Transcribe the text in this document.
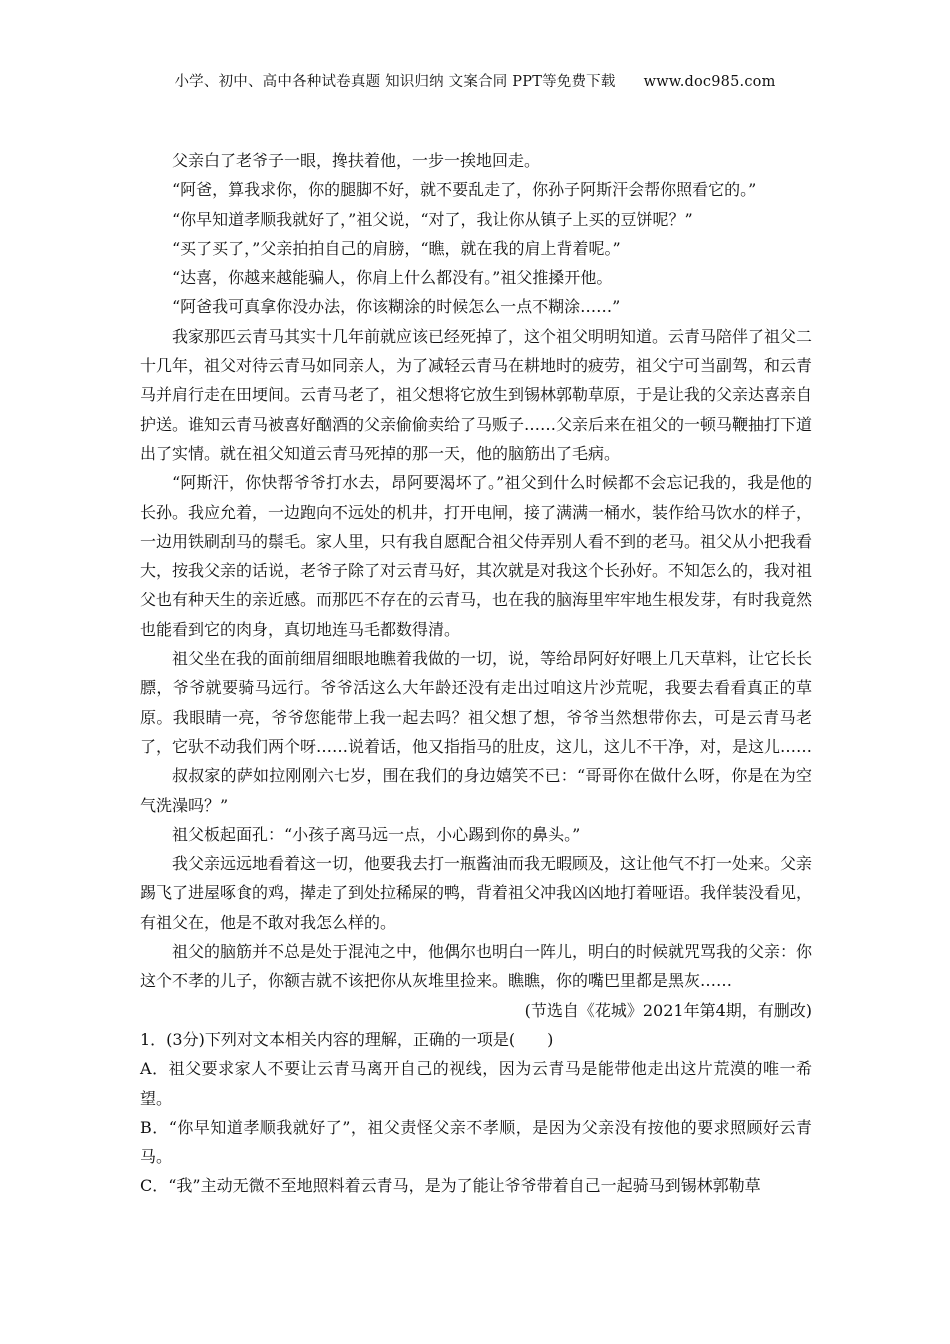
小学、初中、高中各种试卷真题 知识归纳 文案合同 PPT等免费下载 www.doc985.com

父亲白了老爷子一眼，搀扶着他，一步一挨地回走。

“阿爸，算我求你，你的腿脚不好，就不要乱走了，你孙子阿斯汗会帮你照看它的。”

“你早知道孝顺我就好了，”祖父说，“对了，我让你从镇子上买的豆饼呢？”

“买了买了，”父亲拍拍自己的肩膀，“瞧，就在我的肩上背着呢。”

“达喜，你越来越能骗人，你肩上什么都没有。”祖父推搡开他。

“阿爸我可真拿你没办法，你该糊涂的时候怎么一点不糊涂……”

我家那匹云青马其实十几年前就应该已经死掉了，这个祖父明明知道。云青马陪伴了祖父二十几年，祖父对待云青马如同亲人，为了减轻云青马在耕地时的疲劳，祖父宁可当副驾，和云青马并肩行走在田埂间。云青马老了，祖父想将它放生到锡林郭勒草原，于是让我的父亲达喜亲自护送。谁知云青马被喜好酗酒的父亲偷偷卖给了马贩子……父亲后来在祖父的一顿马鞭抽打下道出了实情。就在祖父知道云青马死掉的那一天，他的脑筋出了毛病。

“阿斯汗，你快帮爷爷打水去，昂阿要渴坏了。”祖父到什么时候都不会忘记我的，我是他的长孙。我应允着，一边跑向不远处的机井，打开电闸，接了满满一桶水，装作给马饮水的样子，一边用铁刷刮马的鬃毛。家人里，只有我自愿配合祖父侍弄别人看不到的老马。祖父从小把我看大，按我父亲的话说，老爷子除了对云青马好，其次就是对我这个长孙好。不知怎么的，我对祖父也有种天生的亲近感。而那匹不存在的云青马，也在我的脑海里牢牢地生根发芽，有时我竟然也能看到它的肉身，真切地连马毛都数得清。

祖父坐在我的面前细眉细眼地瞧着我做的一切，说，等给昂阿好好喂上几天草料，让它长长膘，爷爷就要骑马远行。爷爷活这么大年龄还没有走出过咱这片沙荒呢，我要去看看真正的草原。我眼睛一亮，爷爷您能带上我一起去吗？祖父想了想，爷爷当然想带你去，可是云青马老了，它驮不动我们两个呀……说着话，他又指指马的肚皮，这儿，这儿不干净，对，是这儿……

叔叔家的萨如拉刚刚六七岁，围在我们的身边嬉笑不已：“哥哥你在做什么呀，你是在为空气洗澡吗？”

祖父板起面孔：“小孩子离马远一点，小心踢到你的鼻头。”

我父亲远远地看着这一切，他要我去打一瓶酱油而我无暇顾及，这让他气不打一处来。父亲踢飞了进屋啄食的鸡，撵走了到处拉稀屎的鸭，背着祖父冲我凶凶地打着哑语。我佯装没看见，有祖父在，他是不敢对我怎么样的。

祖父的脑筋并不总是处于混沌之中，他偶尔也明白一阵儿，明白的时候就咒骂我的父亲：你这个不孝的儿子，你额吉就不该把你从灰堆里捡来。瞧瞧，你的嘴巴里都是黑灰……

(节选自《花城》2021年第4期，有删改)

1．(3分)下列对文本相关内容的理解，正确的一项是(　　)

A．祖父要求家人不要让云青马离开自己的视线，因为云青马是能带他走出这片荒漠的唯一希望。

B．“你早知道孝顺我就好了”，祖父责怪父亲不孝顺，是因为父亲没有按他的要求照顾好云青马。

C．“我”主动无微不至地照料着云青马，是为了能让爷爷带着自己一起骑马到锡林郭勒草
